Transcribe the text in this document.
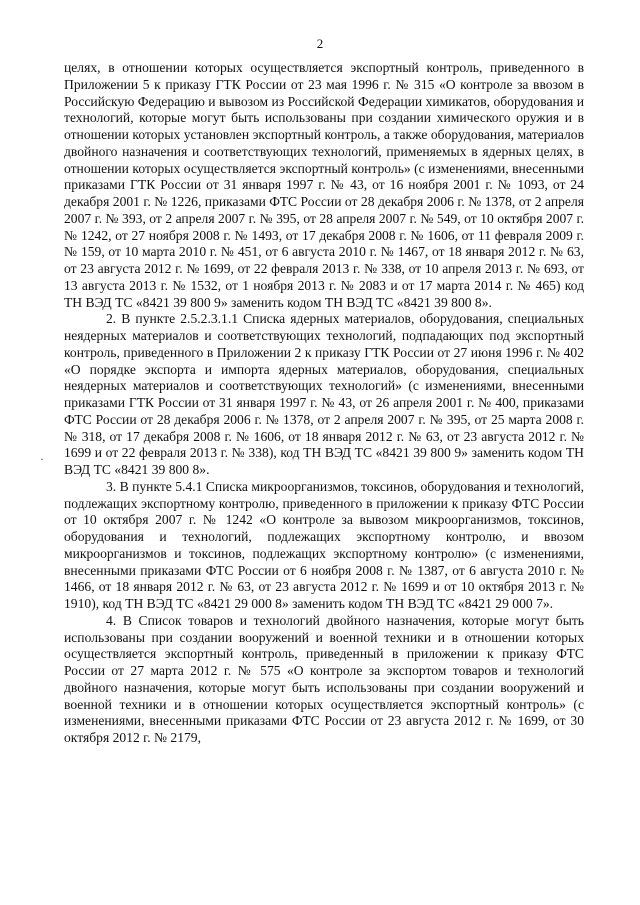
2
·

целях, в отношении которых осуществляется экспортный контроль, приведенного в Приложении 5 к приказу ГТК России от 23 мая 1996 г. № 315 «О контроле за ввозом в Российскую Федерацию и вывозом из Российской Федерации химикатов, оборудования и технологий, которые могут быть использованы при создании химического оружия и в отношении которых установлен экспортный контроль, а также оборудования, материалов двойного назначения и соответствующих технологий, применяемых в ядерных целях, в отношении которых осуществляется экспортный контроль» (с изменениями, внесенными приказами ГТК России от 31 января 1997 г. № 43, от 16 ноября 2001 г. № 1093, от 24 декабря 2001 г. № 1226, приказами ФТС России от 28 декабря 2006 г. № 1378, от 2 апреля 2007 г. № 393, от 2 апреля 2007 г. № 395, от 28 апреля 2007 г. № 549, от 10 октября 2007 г. № 1242, от 27 ноября 2008 г. № 1493, от 17 декабря 2008 г. № 1606, от 11 февраля 2009 г. № 159, от 10 марта 2010 г. № 451, от 6 августа 2010 г. № 1467, от 18 января 2012 г. № 63, от 23 августа 2012 г. № 1699, от 22 февраля 2013 г. № 338, от 10 апреля 2013 г. № 693, от 13 августа 2013 г. № 1532, от 1 ноября 2013 г. № 2083 и от 17 марта 2014 г. № 465) код ТН ВЭД ТС «8421 39 800 9» заменить кодом ТН ВЭД ТС «8421 39 800 8».

2. В пункте 2.5.2.3.1.1 Списка ядерных материалов, оборудования, специальных неядерных материалов и соответствующих технологий, подпадающих под экспортный контроль, приведенного в Приложении 2 к приказу ГТК России от 27 июня 1996 г. № 402 «О порядке экспорта и импорта ядерных материалов, оборудования, специальных неядерных материалов и соответствующих технологий» (с изменениями, внесенными приказами ГТК России от 31 января 1997 г. № 43, от 26 апреля 2001 г. № 400, приказами ФТС России от 28 декабря 2006 г. № 1378, от 2 апреля 2007 г. № 395, от 25 марта 2008 г. № 318, от 17 декабря 2008 г. № 1606, от 18 января 2012 г. № 63, от 23 августа 2012 г. № 1699 и от 22 февраля 2013 г. № 338), код ТН ВЭД ТС «8421 39 800 9» заменить кодом ТН ВЭД ТС «8421 39 800 8».

3. В пункте 5.4.1 Списка микроорганизмов, токсинов, оборудования и технологий, подлежащих экспортному контролю, приведенного в приложении к приказу ФТС России от 10 октября 2007 г. № 1242 «О контроле за вывозом микроорганизмов, токсинов, оборудования и технологий, подлежащих экспортному контролю, и ввозом микроорганизмов и токсинов, подлежащих экспортному контролю» (с изменениями, внесенными приказами ФТС России от 6 ноября 2008 г. № 1387, от 6 августа 2010 г. № 1466, от 18 января 2012 г. № 63, от 23 августа 2012 г. № 1699 и от 10 октября 2013 г. № 1910), код ТН ВЭД ТС «8421 29 000 8» заменить кодом ТН ВЭД ТС «8421 29 000 7».

4. В Список товаров и технологий двойного назначения, которые могут быть использованы при создании вооружений и военной техники и в отношении которых осуществляется экспортный контроль, приведенный в приложении к приказу ФТС России от 27 марта 2012 г. № 575 «О контроле за экспортом товаров и технологий двойного назначения, которые могут быть использованы при создании вооружений и военной техники и в отношении которых осуществляется экспортный контроль» (с изменениями, внесенными приказами ФТС России от 23 августа 2012 г. № 1699, от 30 октября 2012 г. № 2179,
